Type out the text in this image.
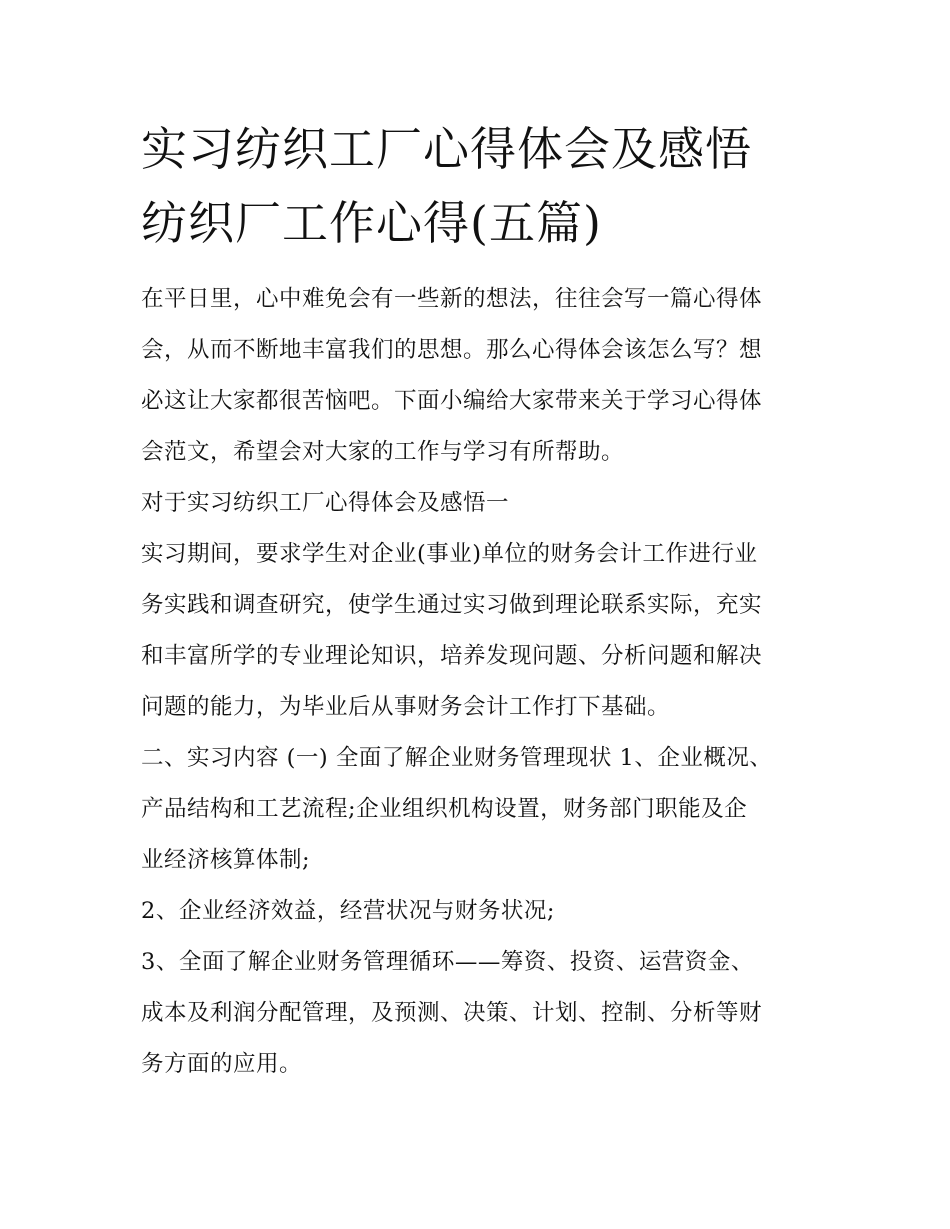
实习纺织工厂心得体会及感悟
纺织厂工作心得(五篇)

在平日里，心中难免会有一些新的想法，往往会写一篇心得体
会，从而不断地丰富我们的思想。那么心得体会该怎么写？想
必这让大家都很苦恼吧。下面小编给大家带来关于学习心得体
会范文，希望会对大家的工作与学习有所帮助。

对于实习纺织工厂心得体会及感悟一

实习期间，要求学生对企业(事业)单位的财务会计工作进行业
务实践和调查研究，使学生通过实习做到理论联系实际，充实
和丰富所学的专业理论知识，培养发现问题、分析问题和解决
问题的能力，为毕业后从事财务会计工作打下基础。

二、实习内容 (一) 全面了解企业财务管理现状 1、企业概况、
产品结构和工艺流程;企业组织机构设置，财务部门职能及企
业经济核算体制;

2、企业经济效益，经营状况与财务状况;

3、全面了解企业财务管理循环——筹资、投资、运营资金、
成本及利润分配管理，及预测、决策、计划、控制、分析等财
务方面的应用。
